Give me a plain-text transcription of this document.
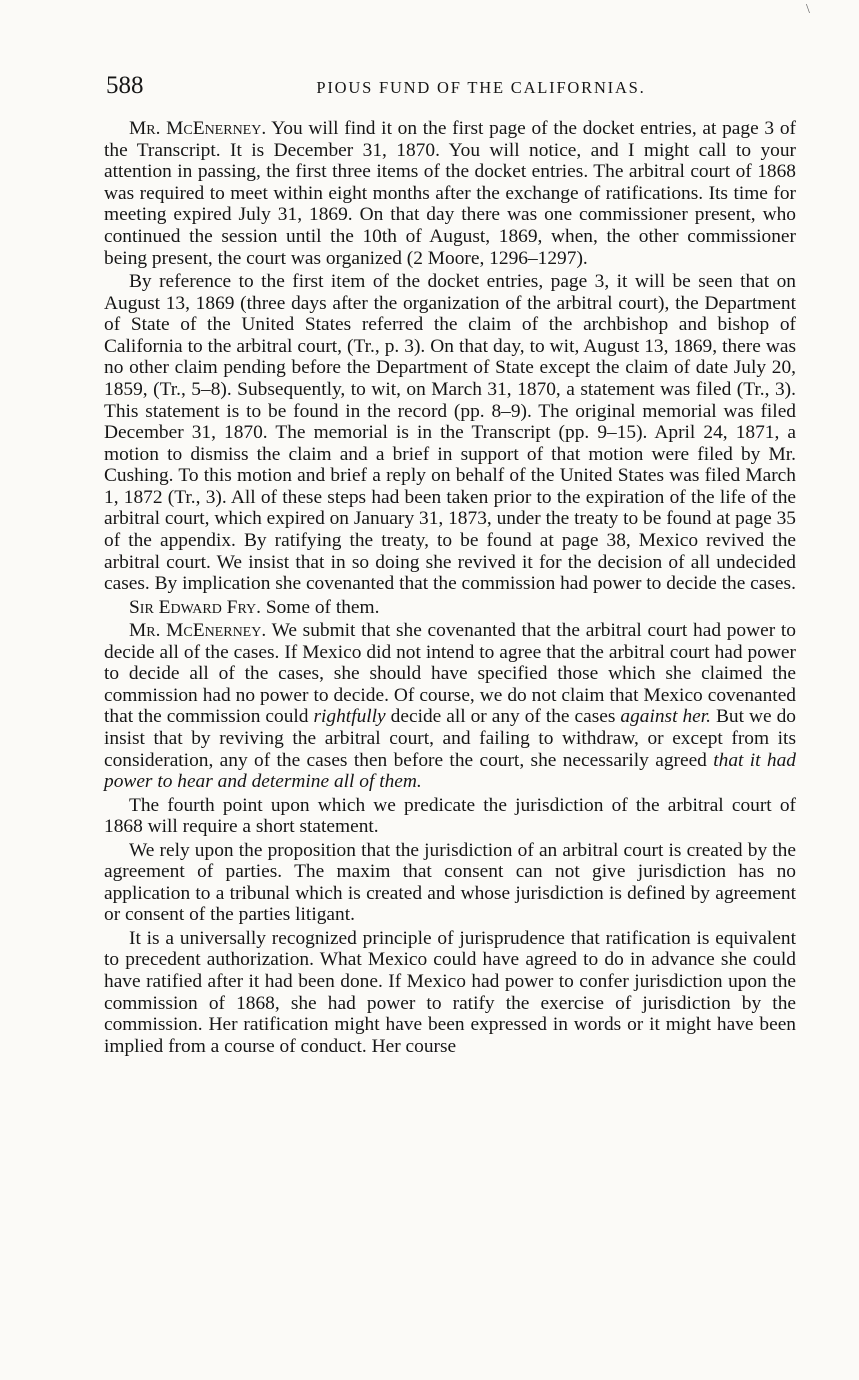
\
588	PIOUS FUND OF THE CALIFORNIAS.

Mr. McEnerney. You will find it on the first page of the docket entries, at page 3 of the Transcript. It is December 31, 1870. You will notice, and I might call to your attention in passing, the first three items of the docket entries. The arbitral court of 1868 was required to meet within eight months after the exchange of ratifications. Its time for meeting expired July 31, 1869. On that day there was one commissioner present, who continued the session until the 10th of August, 1869, when, the other commissioner being present, the court was organized (2 Moore, 1296–1297).

By reference to the first item of the docket entries, page 3, it will be seen that on August 13, 1869 (three days after the organization of the arbitral court), the Department of State of the United States referred the claim of the archbishop and bishop of California to the arbitral court, (Tr., p. 3). On that day, to wit, August 13, 1869, there was no other claim pending before the Department of State except the claim of date July 20, 1859, (Tr., 5–8). Subsequently, to wit, on March 31, 1870, a statement was filed (Tr., 3). This statement is to be found in the record (pp. 8–9). The original memorial was filed December 31, 1870. The memorial is in the Transcript (pp. 9–15). April 24, 1871, a motion to dismiss the claim and a brief in support of that motion were filed by Mr. Cushing. To this motion and brief a reply on behalf of the United States was filed March 1, 1872 (Tr., 3). All of these steps had been taken prior to the expiration of the life of the arbitral court, which expired on January 31, 1873, under the treaty to be found at page 35 of the appendix. By ratifying the treaty, to be found at page 38, Mexico revived the arbitral court. We insist that in so doing she revived it for the decision of all undecided cases. By implication she covenanted that the commission had power to decide the cases.

Sir Edward Fry. Some of them.

Mr. McEnerney. We submit that she covenanted that the arbitral court had power to decide all of the cases. If Mexico did not intend to agree that the arbitral court had power to decide all of the cases, she should have specified those which she claimed the commission had no power to decide. Of course, we do not claim that Mexico covenanted that the commission could rightfully decide all or any of the cases against her. But we do insist that by reviving the arbitral court, and failing to withdraw, or except from its consideration, any of the cases then before the court, she necessarily agreed that it had power to hear and determine all of them.

The fourth point upon which we predicate the jurisdiction of the arbitral court of 1868 will require a short statement.

We rely upon the proposition that the jurisdiction of an arbitral court is created by the agreement of parties. The maxim that consent can not give jurisdiction has no application to a tribunal which is created and whose jurisdiction is defined by agreement or consent of the parties litigant.

It is a universally recognized principle of jurisprudence that ratification is equivalent to precedent authorization. What Mexico could have agreed to do in advance she could have ratified after it had been done. If Mexico had power to confer jurisdiction upon the commission of 1868, she had power to ratify the exercise of jurisdiction by the commission. Her ratification might have been expressed in words or it might have been implied from a course of conduct. Her course
